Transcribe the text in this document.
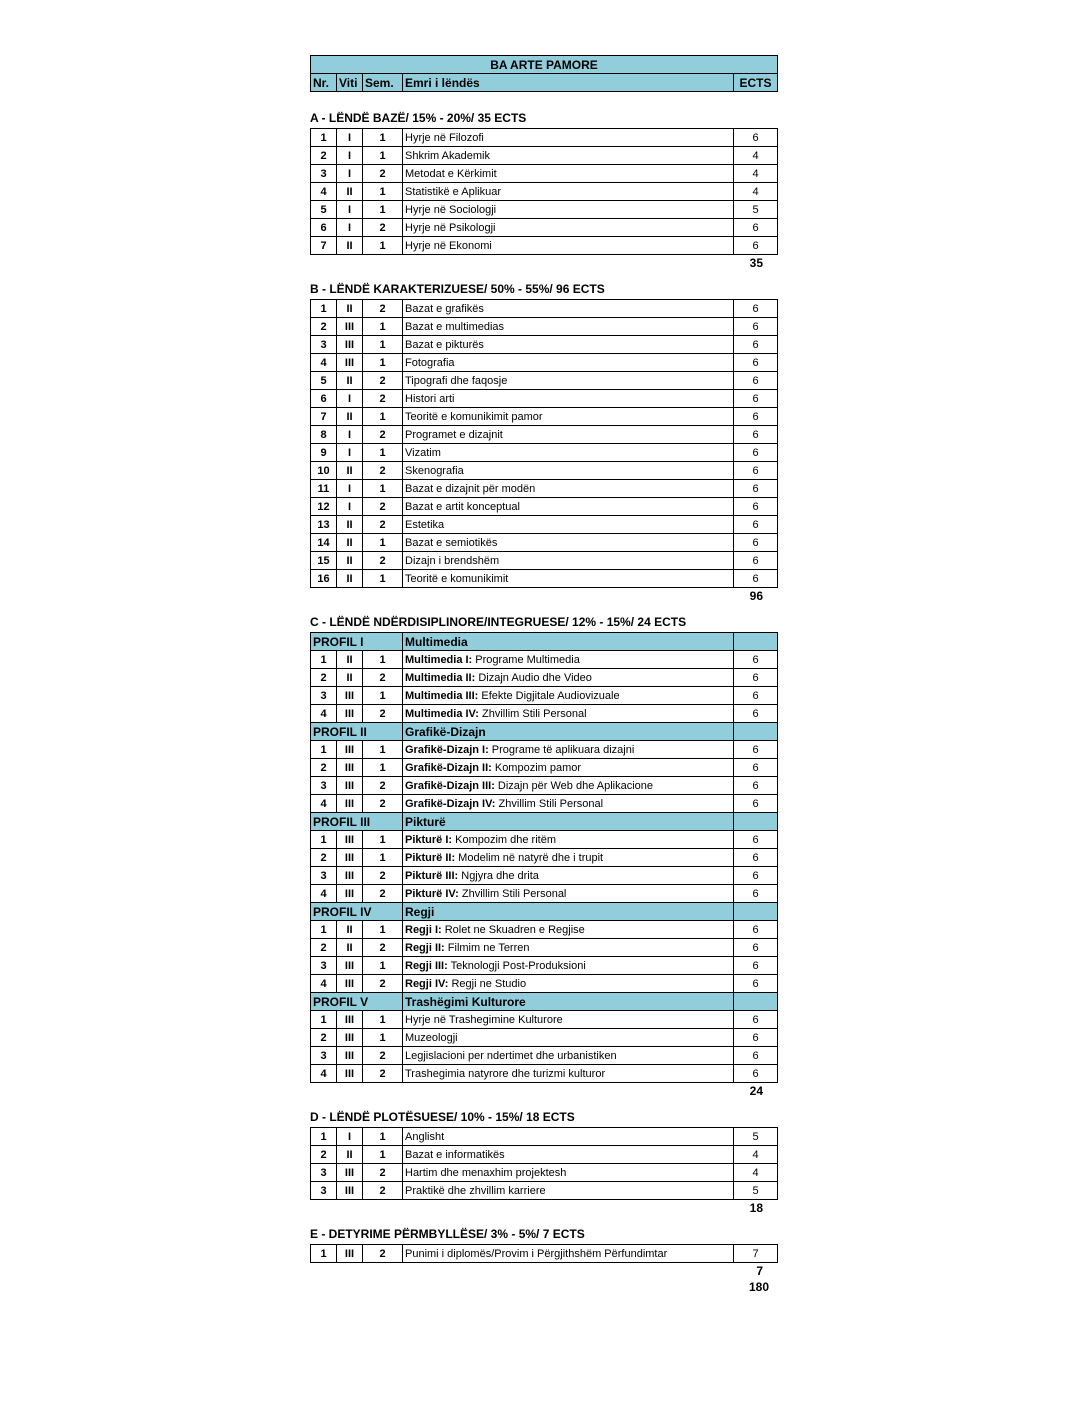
BA ARTE PAMORE
Nr.	Viti	Sem.	Emri i lëndës	ECTS
A - LËNDË BAZË/ 15% - 20%/ 35 ECTS
1	I	1	Hyrje në Filozofi	6
2	I	1	Shkrim Akademik	4
3	I	2	Metodat e Kërkimit	4
4	II	1	Statistikë e Aplikuar	4
5	I	1	Hyrje në Sociologji	5
6	I	2	Hyrje në Psikologji	6
7	II	1	Hyrje në Ekonomi	6
35
B - LËNDË KARAKTERIZUESE/ 50% - 55%/ 96 ECTS
1	II	2	Bazat e grafikës	6
2	III	1	Bazat e multimedias	6
3	III	1	Bazat e pikturës	6
4	III	1	Fotografia	6
5	II	2	Tipografi dhe faqosje	6
6	I	2	Histori arti	6
7	II	1	Teoritë e komunikimit pamor	6
8	I	2	Programet e dizajnit	6
9	I	1	Vizatim	6
10	II	2	Skenografia	6
11	I	1	Bazat e dizajnit për modën	6
12	I	2	Bazat e artit konceptual	6
13	II	2	Estetika	6
14	II	1	Bazat e semiotikës	6
15	II	2	Dizajn i brendshëm	6
16	II	1	Teoritë e komunikimit	6
96
C - LËNDË NDËRDISIPLINORE/INTEGRUESE/ 12% - 15%/ 24 ECTS
PROFIL I			Multimedia	
1	II	1	Multimedia I: Programe Multimedia	6
2	II	2	Multimedia II: Dizajn Audio dhe Video	6
3	III	1	Multimedia III: Efekte Digjitale Audiovizuale	6
4	III	2	Multimedia IV: Zhvillim Stili Personal	6
PROFIL II			Grafikë-Dizajn	
1	III	1	Grafikë-Dizajn I: Programe të aplikuara dizajni	6
2	III	1	Grafikë-Dizajn II: Kompozim pamor	6
3	III	2	Grafikë-Dizajn III: Dizajn për Web dhe Aplikacione	6
4	III	2	Grafikë-Dizajn IV: Zhvillim Stili Personal	6
PROFIL III			Pikturë	
1	III	1	Pikturë I: Kompozim dhe ritëm	6
2	III	1	Pikturë II: Modelim në natyrë dhe i trupit	6
3	III	2	Pikturë III: Ngjyra dhe drita	6
4	III	2	Pikturë IV: Zhvillim Stili Personal	6
PROFIL IV			Regji	
1	II	1	Regji I: Rolet ne Skuadren e Regjise	6
2	II	2	Regji II: Filmim ne Terren	6
3	III	1	Regji III: Teknologji Post-Produksioni	6
4	III	2	Regji IV: Regji ne Studio	6
PROFIL V			Trashëgimi Kulturore	
1	III	1	Hyrje në Trashegimine Kulturore	6
2	III	1	Muzeologji	6
3	III	2	Legjislacioni per ndertimet dhe urbanistiken	6
4	III	2	Trashegimia natyrore dhe turizmi kulturor	6
24
D - LËNDË PLOTËSUESE/ 10% - 15%/ 18 ECTS
1	I	1	Anglisht	5
2	II	1	Bazat e informatikës	4
3	III	2	Hartim dhe menaxhim projektesh	4
3	III	2	Praktikë dhe zhvillim karriere	5
18
E - DETYRIME PËRMBYLLËSE/ 3% - 5%/ 7 ECTS
1	III	2	Punimi i diplomës/Provim i Përgjithshëm Përfundimtar	7
7
180
